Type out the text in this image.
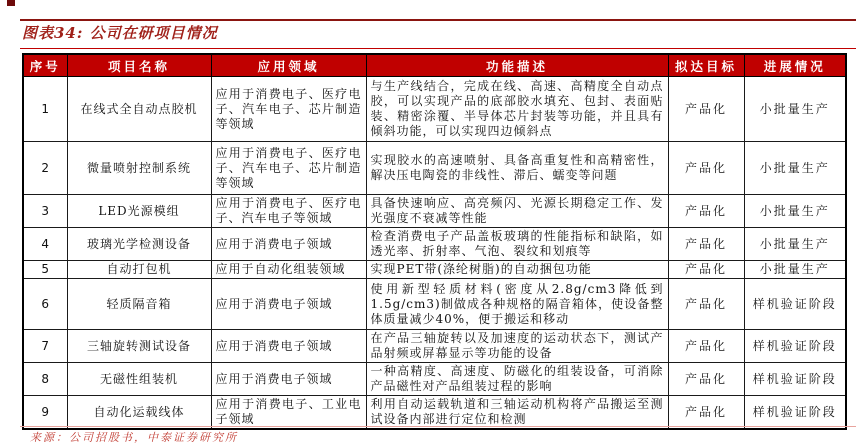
图表34: 公司在研项目情况
序号	项目名称	应用领域	功能描述	拟达目标	进展情况
1	在线式全自动点胶机	应用于消费电子、医疗电子、汽车电子、芯片制造等领域	与生产线结合，完成在线、高速、高精度全自动点胶，可以实现产品的底部胶水填充、包封、表面贴装、精密涂覆、半导体芯片封装等功能，并且具有倾斜功能，可以实现四边倾斜点	产品化	小批量生产
2	微量喷射控制系统	应用于消费电子、医疗电子、汽车电子、芯片制造等领域	实现胶水的高速喷射、具备高重复性和高精密性，解决压电陶瓷的非线性、滞后、蠕变等问题	产品化	小批量生产
3	LED光源模组	应用于消费电子、医疗电子、汽车电子等领域	具备快速响应、高亮频闪、光源长期稳定工作、发光强度不衰减等性能	产品化	小批量生产
4	玻璃光学检测设备	应用于消费电子领域	检查消费电子产品盖板玻璃的性能指标和缺陷，如透光率、折射率、气泡、裂纹和划痕等	产品化	小批量生产
5	自动打包机	应用于自动化组装领域	实现PET带(涤纶树脂)的自动捆包功能	产品化	小批量生产
6	轻质隔音箱	应用于消费电子领域	使用新型轻质材料(密度从2.8g/cm3降低到1.5g/cm3)制做成各种规格的隔音箱体，使设备整体质量减少40%，便于搬运和移动	产品化	样机验证阶段
7	三轴旋转测试设备	应用于消费电子领域	在产品三轴旋转以及加速度的运动状态下，测试产品射频或屏幕显示等功能的设备	产品化	样机验证阶段
8	无磁性组装机	应用于消费电子领域	一种高精度、高速度、防磁化的组装设备，可消除产品磁性对产品组装过程的影响	产品化	样机验证阶段
9	自动化运载线体	应用于消费电子、工业电子领域	利用自动运载轨道和三轴运动机构将产品搬运至测试设备内部进行定位和检测	产品化	样机验证阶段
来源：公司招股书，中泰证券研究所
